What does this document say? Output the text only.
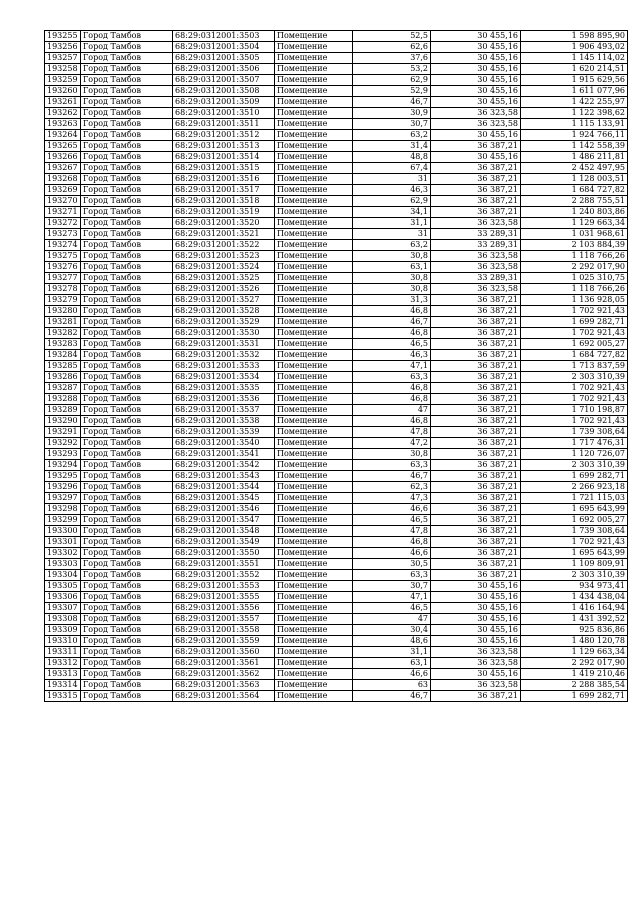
193255	Город Тамбов	68:29:0312001:3503	Помещение	52,5	30 455,16	1 598 895,90
193256	Город Тамбов	68:29:0312001:3504	Помещение	62,6	30 455,16	1 906 493,02
193257	Город Тамбов	68:29:0312001:3505	Помещение	37,6	30 455,16	1 145 114,02
193258	Город Тамбов	68:29:0312001:3506	Помещение	53,2	30 455,16	1 620 214,51
193259	Город Тамбов	68:29:0312001:3507	Помещение	62,9	30 455,16	1 915 629,56
193260	Город Тамбов	68:29:0312001:3508	Помещение	52,9	30 455,16	1 611 077,96
193261	Город Тамбов	68:29:0312001:3509	Помещение	46,7	30 455,16	1 422 255,97
193262	Город Тамбов	68:29:0312001:3510	Помещение	30,9	36 323,58	1 122 398,62
193263	Город Тамбов	68:29:0312001:3511	Помещение	30,7	36 323,58	1 115 133,91
193264	Город Тамбов	68:29:0312001:3512	Помещение	63,2	30 455,16	1 924 766,11
193265	Город Тамбов	68:29:0312001:3513	Помещение	31,4	36 387,21	1 142 558,39
193266	Город Тамбов	68:29:0312001:3514	Помещение	48,8	30 455,16	1 486 211,81
193267	Город Тамбов	68:29:0312001:3515	Помещение	67,4	36 387,21	2 452 497,95
193268	Город Тамбов	68:29:0312001:3516	Помещение	31	36 387,21	1 128 003,51
193269	Город Тамбов	68:29:0312001:3517	Помещение	46,3	36 387,21	1 684 727,82
193270	Город Тамбов	68:29:0312001:3518	Помещение	62,9	36 387,21	2 288 755,51
193271	Город Тамбов	68:29:0312001:3519	Помещение	34,1	36 387,21	1 240 803,86
193272	Город Тамбов	68:29:0312001:3520	Помещение	31,1	36 323,58	1 129 663,34
193273	Город Тамбов	68:29:0312001:3521	Помещение	31	33 289,31	1 031 968,61
193274	Город Тамбов	68:29:0312001:3522	Помещение	63,2	33 289,31	2 103 884,39
193275	Город Тамбов	68:29:0312001:3523	Помещение	30,8	36 323,58	1 118 766,26
193276	Город Тамбов	68:29:0312001:3524	Помещение	63,1	36 323,58	2 292 017,90
193277	Город Тамбов	68:29:0312001:3525	Помещение	30,8	33 289,31	1 025 310,75
193278	Город Тамбов	68:29:0312001:3526	Помещение	30,8	36 323,58	1 118 766,26
193279	Город Тамбов	68:29:0312001:3527	Помещение	31,3	36 387,21	1 136 928,05
193280	Город Тамбов	68:29:0312001:3528	Помещение	46,8	36 387,21	1 702 921,43
193281	Город Тамбов	68:29:0312001:3529	Помещение	46,7	36 387,21	1 699 282,71
193282	Город Тамбов	68:29:0312001:3530	Помещение	46,8	36 387,21	1 702 921,43
193283	Город Тамбов	68:29:0312001:3531	Помещение	46,5	36 387,21	1 692 005,27
193284	Город Тамбов	68:29:0312001:3532	Помещение	46,3	36 387,21	1 684 727,82
193285	Город Тамбов	68:29:0312001:3533	Помещение	47,1	36 387,21	1 713 837,59
193286	Город Тамбов	68:29:0312001:3534	Помещение	63,3	36 387,21	2 303 310,39
193287	Город Тамбов	68:29:0312001:3535	Помещение	46,8	36 387,21	1 702 921,43
193288	Город Тамбов	68:29:0312001:3536	Помещение	46,8	36 387,21	1 702 921,43
193289	Город Тамбов	68:29:0312001:3537	Помещение	47	36 387,21	1 710 198,87
193290	Город Тамбов	68:29:0312001:3538	Помещение	46,8	36 387,21	1 702 921,43
193291	Город Тамбов	68:29:0312001:3539	Помещение	47,8	36 387,21	1 739 308,64
193292	Город Тамбов	68:29:0312001:3540	Помещение	47,2	36 387,21	1 717 476,31
193293	Город Тамбов	68:29:0312001:3541	Помещение	30,8	36 387,21	1 120 726,07
193294	Город Тамбов	68:29:0312001:3542	Помещение	63,3	36 387,21	2 303 310,39
193295	Город Тамбов	68:29:0312001:3543	Помещение	46,7	36 387,21	1 699 282,71
193296	Город Тамбов	68:29:0312001:3544	Помещение	62,3	36 387,21	2 266 923,18
193297	Город Тамбов	68:29:0312001:3545	Помещение	47,3	36 387,21	1 721 115,03
193298	Город Тамбов	68:29:0312001:3546	Помещение	46,6	36 387,21	1 695 643,99
193299	Город Тамбов	68:29:0312001:3547	Помещение	46,5	36 387,21	1 692 005,27
193300	Город Тамбов	68:29:0312001:3548	Помещение	47,8	36 387,21	1 739 308,64
193301	Город Тамбов	68:29:0312001:3549	Помещение	46,8	36 387,21	1 702 921,43
193302	Город Тамбов	68:29:0312001:3550	Помещение	46,6	36 387,21	1 695 643,99
193303	Город Тамбов	68:29:0312001:3551	Помещение	30,5	36 387,21	1 109 809,91
193304	Город Тамбов	68:29:0312001:3552	Помещение	63,3	36 387,21	2 303 310,39
193305	Город Тамбов	68:29:0312001:3553	Помещение	30,7	30 455,16	934 973,41
193306	Город Тамбов	68:29:0312001:3555	Помещение	47,1	30 455,16	1 434 438,04
193307	Город Тамбов	68:29:0312001:3556	Помещение	46,5	30 455,16	1 416 164,94
193308	Город Тамбов	68:29:0312001:3557	Помещение	47	30 455,16	1 431 392,52
193309	Город Тамбов	68:29:0312001:3558	Помещение	30,4	30 455,16	925 836,86
193310	Город Тамбов	68:29:0312001:3559	Помещение	48,6	30 455,16	1 480 120,78
193311	Город Тамбов	68:29:0312001:3560	Помещение	31,1	36 323,58	1 129 663,34
193312	Город Тамбов	68:29:0312001:3561	Помещение	63,1	36 323,58	2 292 017,90
193313	Город Тамбов	68:29:0312001:3562	Помещение	46,6	30 455,16	1 419 210,46
193314	Город Тамбов	68:29:0312001:3563	Помещение	63	36 323,58	2 288 385,54
193315	Город Тамбов	68:29:0312001:3564	Помещение	46,7	36 387,21	1 699 282,71
